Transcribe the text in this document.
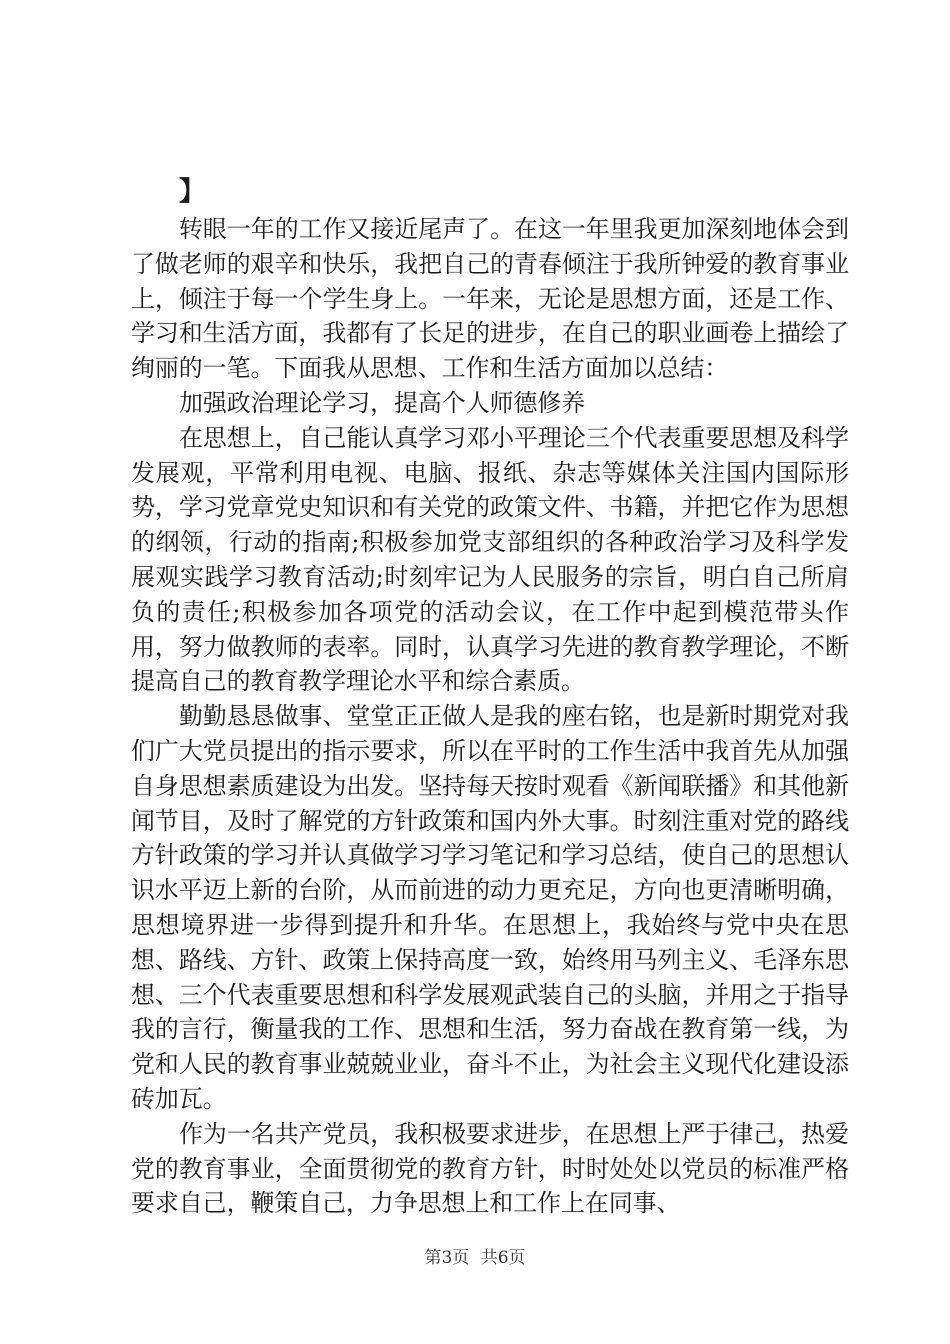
】

转眼一年的工作又接近尾声了。在这一年里我更加深刻地体会到了做老师的艰辛和快乐，我把自己的青春倾注于我所钟爱的教育事业上，倾注于每一个学生身上。一年来，无论是思想方面，还是工作、学习和生活方面，我都有了长足的进步，在自己的职业画卷上描绘了绚丽的一笔。下面我从思想、工作和生活方面加以总结：

加强政治理论学习，提高个人师德修养

在思想上，自己能认真学习邓小平理论三个代表重要思想及科学发展观，平常利用电视、电脑、报纸、杂志等媒体关注国内国际形势，学习党章党史知识和有关党的政策文件、书籍，并把它作为思想的纲领，行动的指南;积极参加党支部组织的各种政治学习及科学发展观实践学习教育活动;时刻牢记为人民服务的宗旨，明白自己所肩负的责任;积极参加各项党的活动会议，在工作中起到模范带头作用，努力做教师的表率。同时，认真学习先进的教育教学理论，不断提高自己的教育教学理论水平和综合素质。

勤勤恳恳做事、堂堂正正做人是我的座右铭，也是新时期党对我们广大党员提出的指示要求，所以在平时的工作生活中我首先从加强自身思想素质建设为出发。坚持每天按时观看《新闻联播》和其他新闻节目，及时了解党的方针政策和国内外大事。时刻注重对党的路线方针政策的学习并认真做学习学习笔记和学习总结，使自己的思想认识水平迈上新的台阶，从而前进的动力更充足，方向也更清晰明确，思想境界进一步得到提升和升华。在思想上，我始终与党中央在思想、路线、方针、政策上保持高度一致，始终用马列主义、毛泽东思想、三个代表重要思想和科学发展观武装自己的头脑，并用之于指导我的言行，衡量我的工作、思想和生活，努力奋战在教育第一线，为党和人民的教育事业兢兢业业，奋斗不止，为社会主义现代化建设添砖加瓦。

作为一名共产党员，我积极要求进步，在思想上严于律己，热爱党的教育事业，全面贯彻党的教育方针，时时处处以党员的标准严格要求自己，鞭策自己，力争思想上和工作上在同事、

第3页 共6页
